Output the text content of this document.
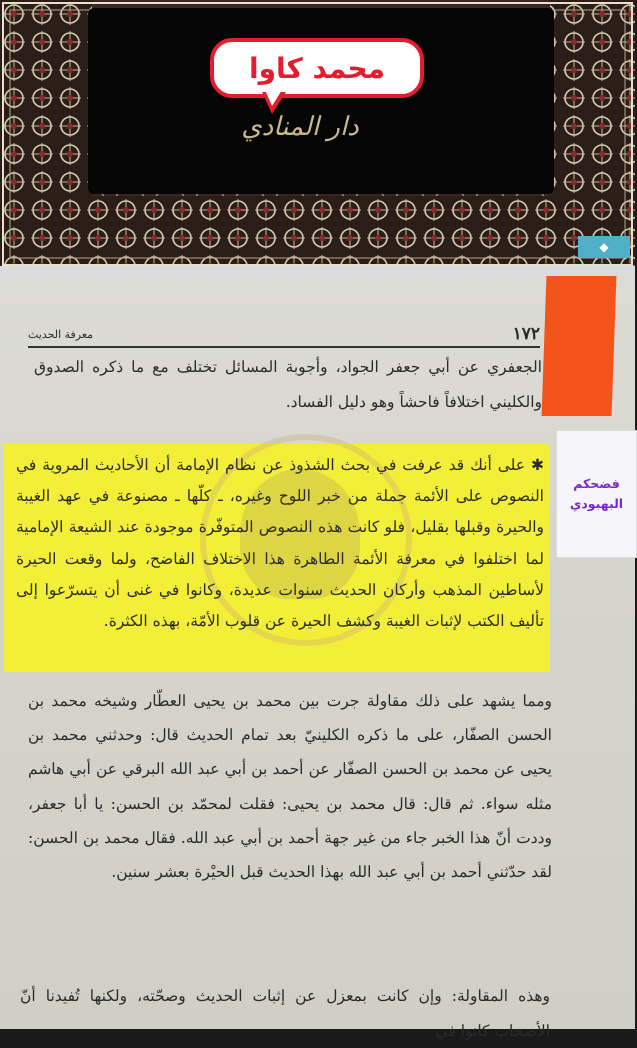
محمد كاوا
دار المنادي
◆
١٧٢
معرفة الحديث
الجعفري عن أبي جعفر الجواد، وأجوبة المسائل تختلف مع ما ذكره الصدوق والكليني اختلافاً فاحشاً وهو دليل الفساد.
✱ على أنك قد عرفت في بحث الشذوذ عن نظام الإمامة أن الأحاديث المروية في النصوص على الأئمة جملة من خبر اللوح وغيره، ـ كلّها ـ مصنوعة في عهد الغيبة والحيرة وقبلها بقليل، فلو كانت هذه النصوص المتوفّرة موجودة عند الشيعة الإمامية لما اختلفوا في معرفة الأئمة الطاهرة هذا الاختلاف الفاضح، ولما وقعت الحيرة لأساطين المذهب وأركان الحديث سنوات عديدة، وكانوا في غنى أن يتسرّعوا إلى تأليف الكتب لإثبات الغيبة وكشف الحيرة عن قلوب الأمّة، بهذه الكثرة.
ومما يشهد على ذلك مقاولة جرت بين محمد بن يحيى العطّار وشيخه محمد بن الحسن الصفّار، على ما ذكره الكلينيّ بعد تمام الحديث قال: وحدثني محمد بن يحيى عن محمد بن الحسن الصفّار عن أحمد بن أبي عبد الله البرقي عن أبي هاشم مثله سواء. ثم قال: قال محمد بن يحيى: فقلت لمحمّد بن الحسن: يا أبا جعفر، وددت أنّ هذا الخبر جاء من غير جهة أحمد بن أبي عبد الله. فقال محمد بن الحسن: لقد حدّثني أحمد بن أبي عبد الله بهذا الحديث قبل الحيْرة بعشر سنين.
وهذه المقاولة: وإن كانت بمعزل عن إثبات الحديث وصحّته، ولكنها تُفيدنا أنّ الأصحاب كانوا في
فضحكم
البهبودي
